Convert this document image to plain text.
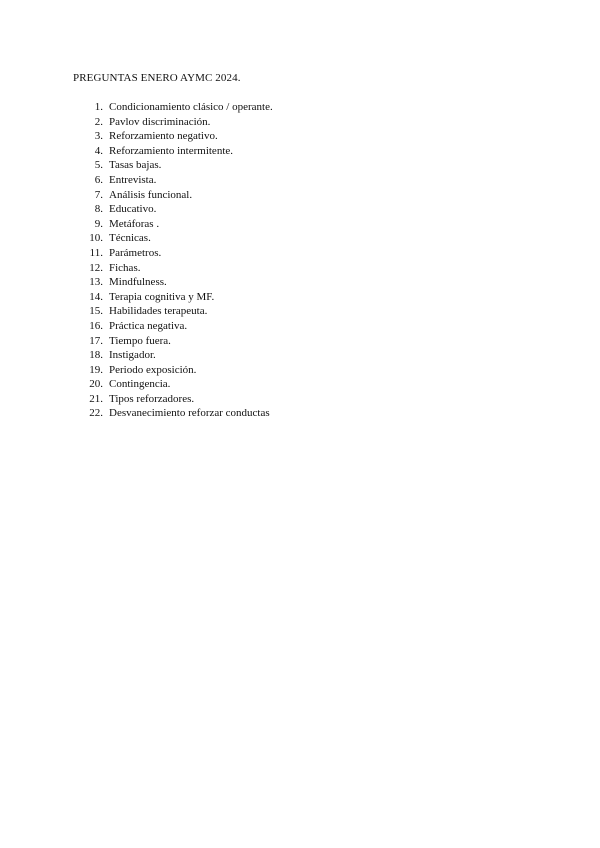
PREGUNTAS ENERO AYMC 2024.
1. Condicionamiento clásico / operante.
2. Pavlov discriminación.
3. Reforzamiento negativo.
4. Reforzamiento intermitente.
5. Tasas bajas.
6. Entrevista.
7. Análisis funcional.
8. Educativo.
9. Metáforas .
10. Técnicas.
11. Parámetros.
12. Fichas.
13. Mindfulness.
14. Terapia cognitiva y MF.
15. Habilidades terapeuta.
16. Práctica negativa.
17. Tiempo fuera.
18. Instigador.
19. Periodo exposición.
20. Contingencia.
21. Tipos reforzadores.
22. Desvanecimiento reforzar conductas
